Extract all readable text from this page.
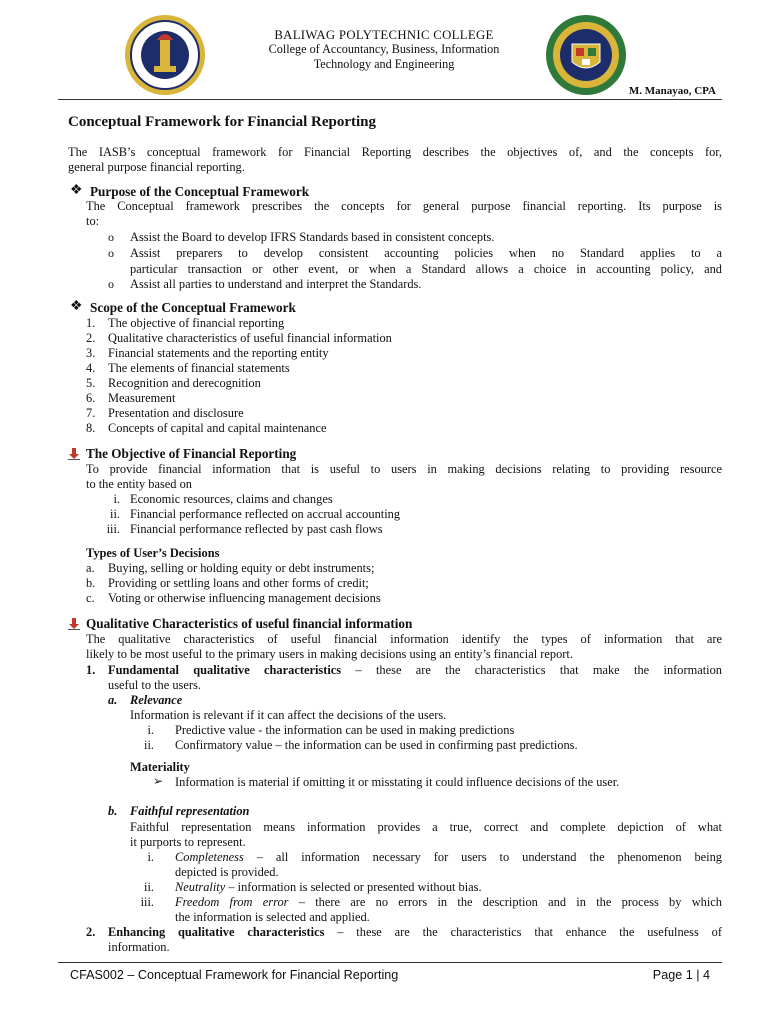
BALIWAG POLYTECHNIC COLLEGE
College of Accountancy, Business, Information
Technology and Engineering
M. Manayao, CPA
Conceptual Framework for Financial Reporting
The IASB’s conceptual framework for Financial Reporting describes the objectives of, and the concepts for,
general purpose financial reporting.
❖ Purpose of the Conceptual Framework
The Conceptual framework prescribes the concepts for general purpose financial reporting. Its purpose is
to:
o Assist the Board to develop IFRS Standards based in consistent concepts.
o Assist preparers to develop consistent accounting policies when no Standard applies to a
particular transaction or other event, or when a Standard allows a choice in accounting policy, and
o Assist all parties to understand and interpret the Standards.
❖ Scope of the Conceptual Framework
1. The objective of financial reporting
2. Qualitative characteristics of useful financial information
3. Financial statements and the reporting entity
4. The elements of financial statements
5. Recognition and derecognition
6. Measurement
7. Presentation and disclosure
8. Concepts of capital and capital maintenance
The Objective of Financial Reporting
To provide financial information that is useful to users in making decisions relating to providing resource
to the entity based on
i. Economic resources, claims and changes
ii. Financial performance reflected on accrual accounting
iii. Financial performance reflected by past cash flows
Types of User’s Decisions
a. Buying, selling or holding equity or debt instruments;
b. Providing or settling loans and other forms of credit;
c. Voting or otherwise influencing management decisions
Qualitative Characteristics of useful financial information
The qualitative characteristics of useful financial information identify the types of information that are
likely to be most useful to the primary users in making decisions using an entity’s financial report.
1. Fundamental qualitative characteristics – these are the characteristics that make the information
useful to the users.
a. Relevance
Information is relevant if it can affect the decisions of the users.
i. Predictive value - the information can be used in making predictions
ii. Confirmatory value – the information can be used in confirming past predictions.
Materiality
➢ Information is material if omitting it or misstating it could influence decisions of the user.
b. Faithful representation
Faithful representation means information provides a true, correct and complete depiction of what
it purports to represent.
i. Completeness – all information necessary for users to understand the phenomenon being
depicted is provided.
ii. Neutrality – information is selected or presented without bias.
iii. Freedom from error – there are no errors in the description and in the process by which
the information is selected and applied.
2. Enhancing qualitative characteristics – these are the characteristics that enhance the usefulness of
information.
CFAS002 – Conceptual Framework for Financial Reporting	Page 1 | 4
